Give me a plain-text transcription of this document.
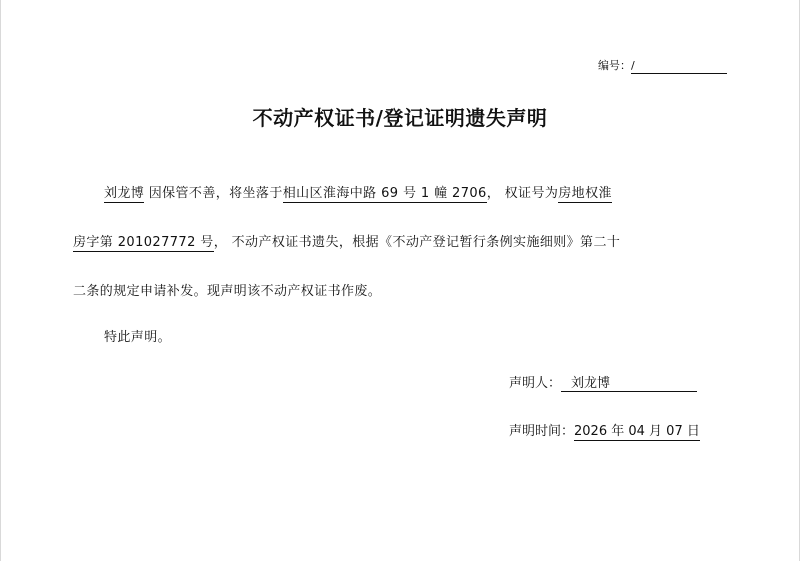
编号：/
不动产权证书/登记证明遗失声明
刘龙博 因保管不善，将坐落于相山区淮海中路 69 号 1 幢 2706， 权证号为房地权淮
房字第 201027772 号， 不动产权证书遗失，根据《不动产登记暂行条例实施细则》第二十
二条的规定申请补发。现声明该不动产权证书作废。
特此声明。
声明人： 刘龙博
声明时间：2026 年 04 月 07 日
